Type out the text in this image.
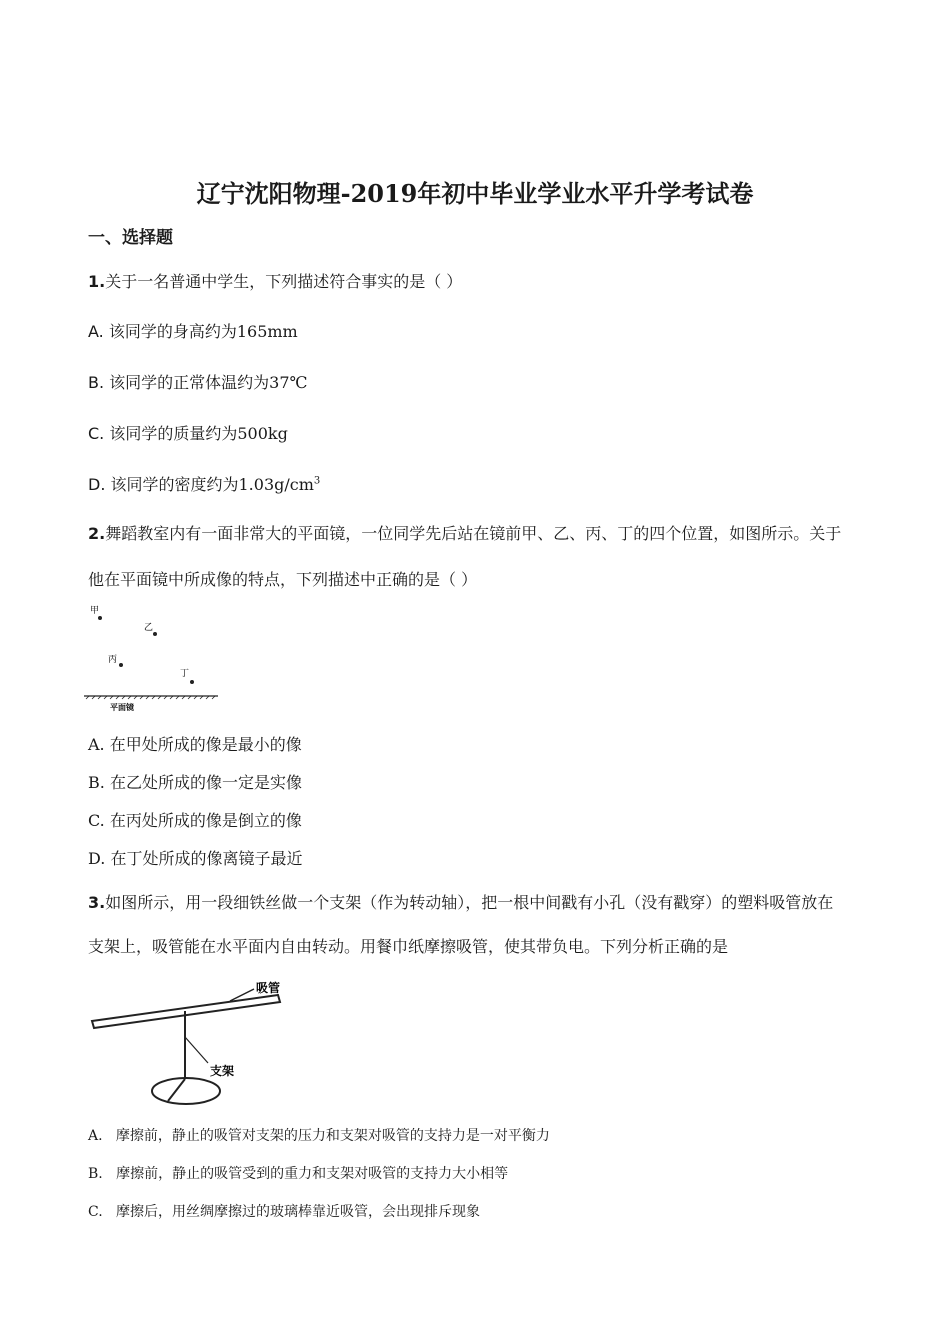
辽宁沈阳物理-2019年初中毕业学业水平升学考试卷
一、选择题
1.关于一名普通中学生，下列描述符合事实的是（ ）
A. 该同学的身高约为165mm
B. 该同学的正常体温约为37℃
C. 该同学的质量约为500kg
D. 该同学的密度约为$1.03g/cm^3$
2.舞蹈教室内有一面非常大的平面镜，一位同学先后站在镜前甲、乙、丙、丁的四个位置，如图所示。关于
他在平面镜中所成像的特点，下列描述中正确的是（ ）
甲
乙
丙
丁
平面镜
A. 在甲处所成的像是最小的像
B. 在乙处所成的像一定是实像
C. 在丙处所成的像是倒立的像
D. 在丁处所成的像离镜子最近
3.如图所示，用一段细铁丝做一个支架（作为转动轴），把一根中间戳有小孔（没有戳穿）的塑料吸管放在
支架上，吸管能在水平面内自由转动。用餐巾纸摩擦吸管，使其带负电。下列分析正确的是
吸管
支架
A. 摩擦前，静止的吸管对支架的压力和支架对吸管的支持力是一对平衡力
B. 摩擦前，静止的吸管受到的重力和支架对吸管的支持力大小相等
C. 摩擦后，用丝绸摩擦过的玻璃棒靠近吸管，会出现排斥现象
